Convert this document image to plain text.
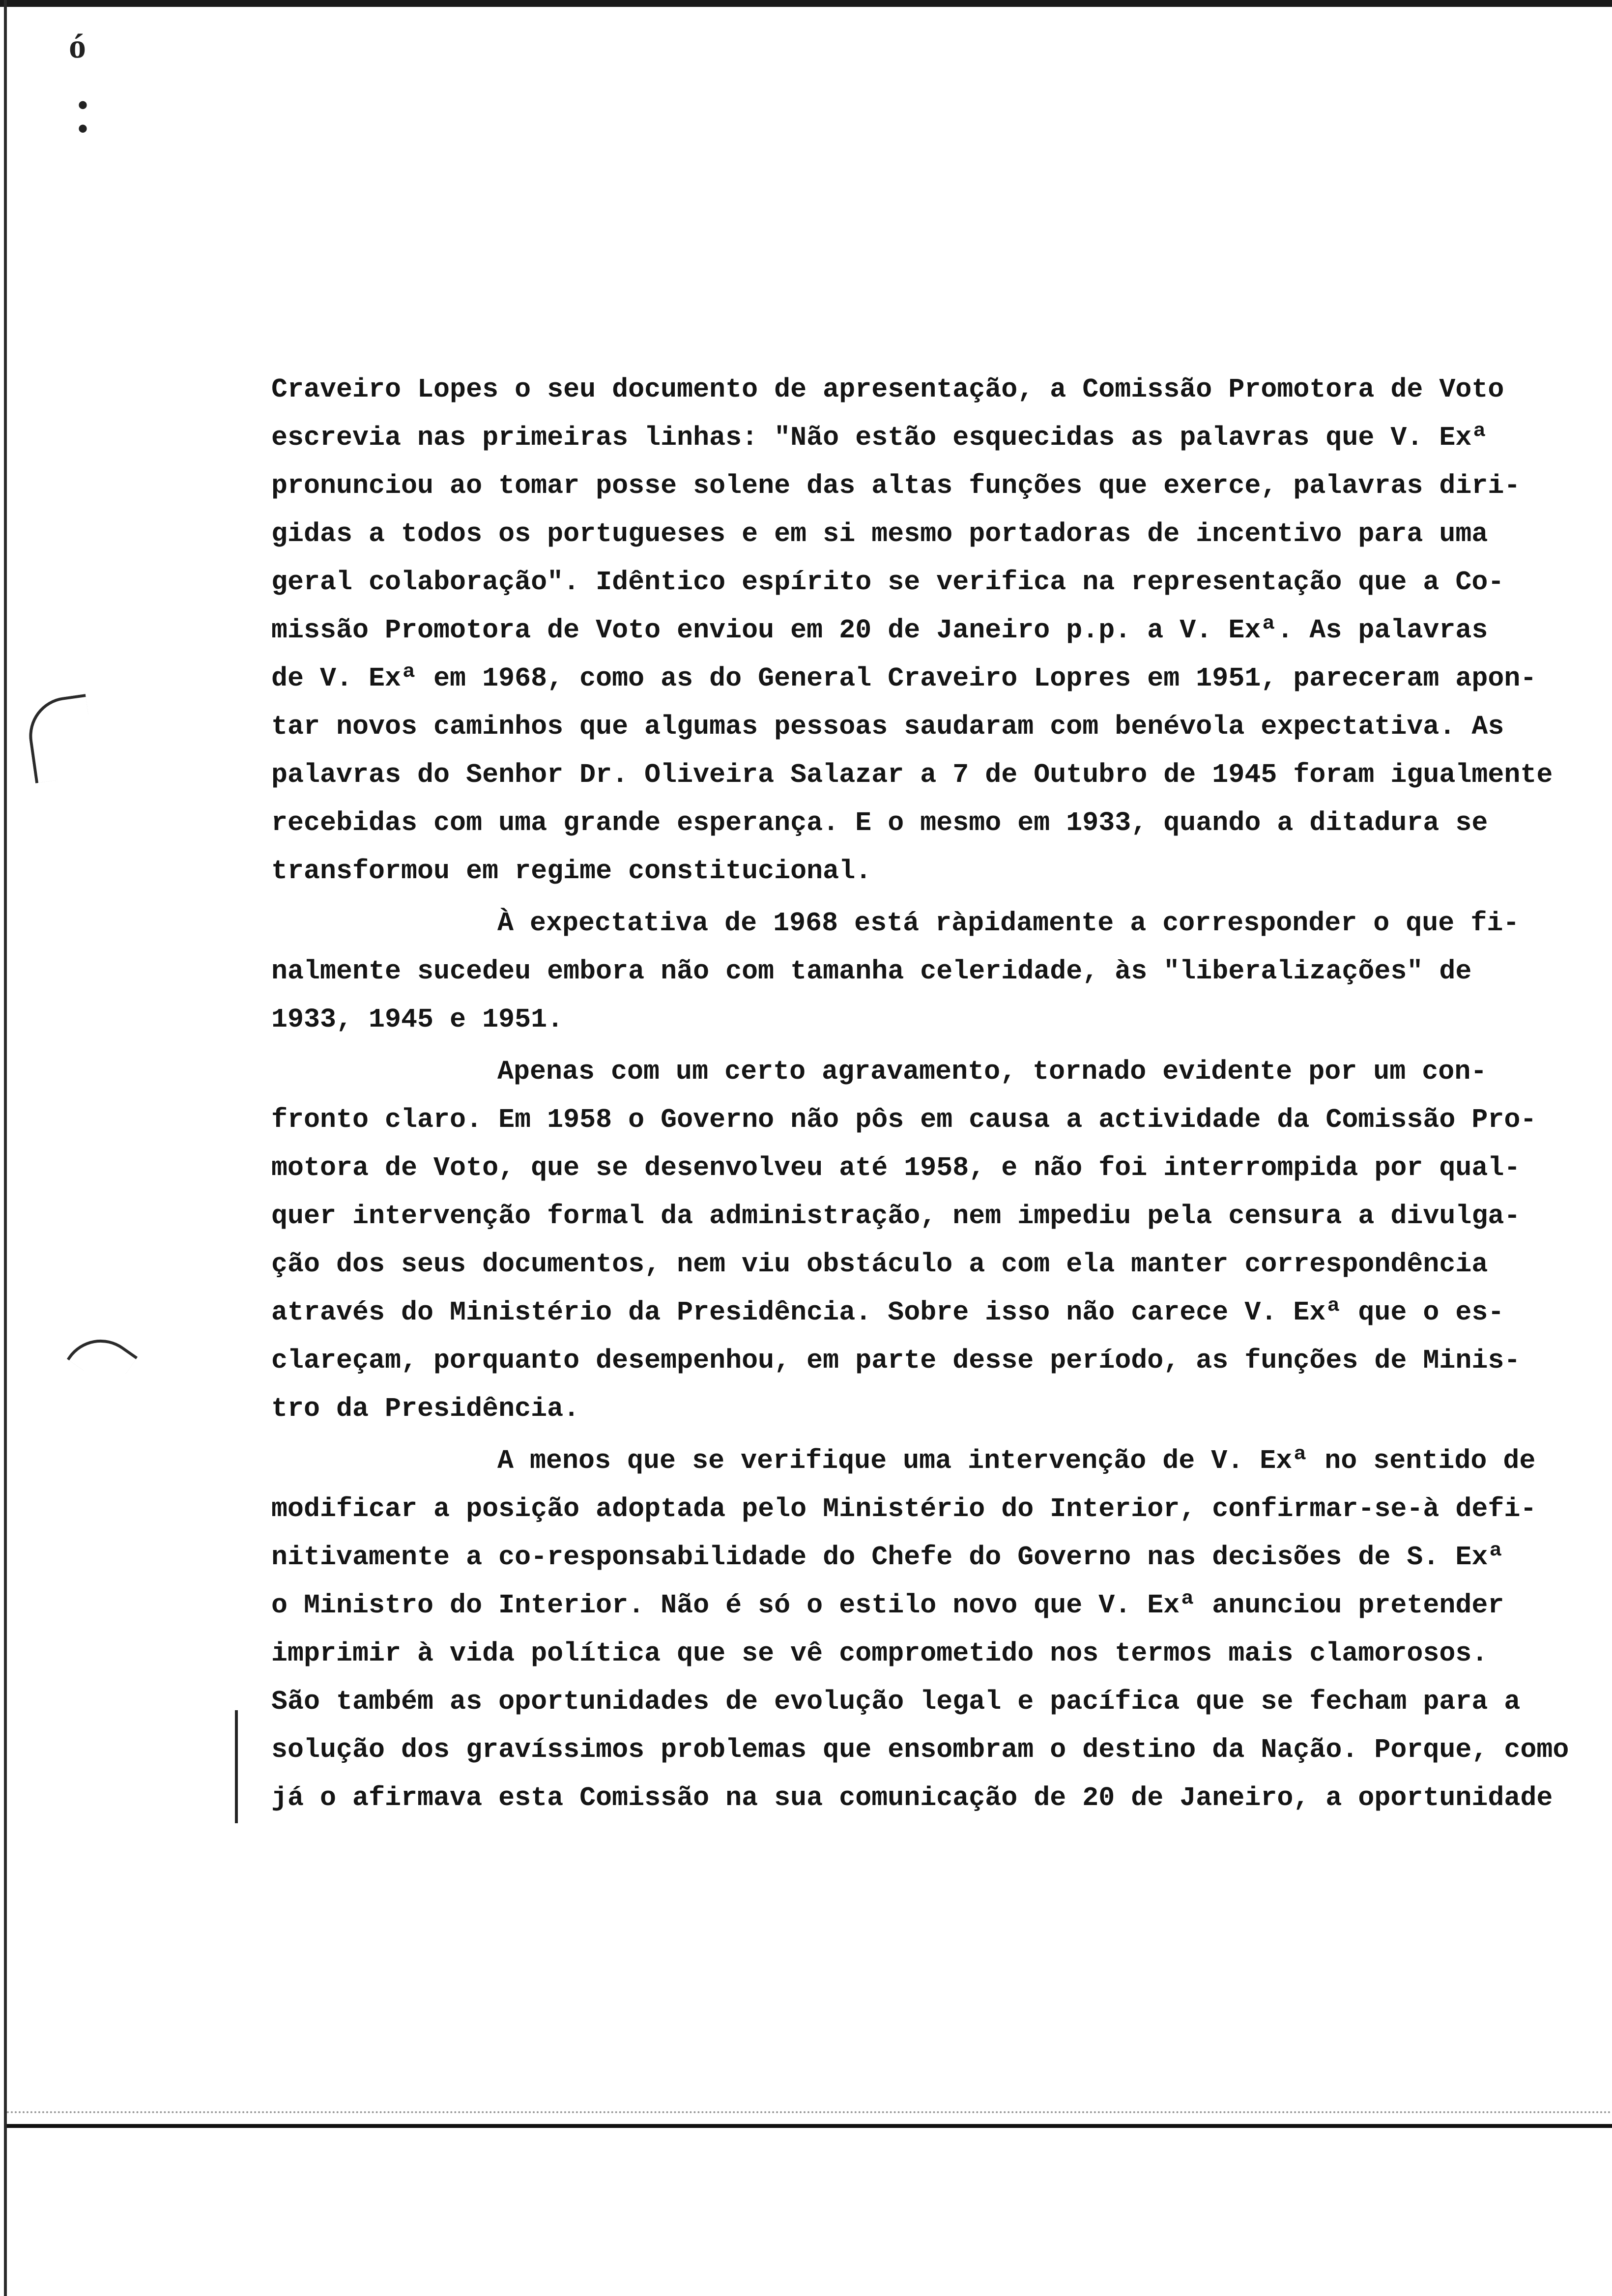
ó
•
•
Craveiro Lopes o seu documento de apresentação, a Comissão Promotora de Voto
escrevia nas primeiras linhas: "Não estão esquecidas as palavras que V. Exª
pronunciou ao tomar posse solene das altas funções que exerce, palavras diri-
gidas a todos os portugueses e em si mesmo portadoras de incentivo para uma
geral colaboração". Idêntico espírito se verifica na representação que a Co-
missão Promotora de Voto enviou em 20 de Janeiro p.p. a V. Exª. As palavras
de V. Exª em 1968, como as do General Craveiro Lopres em 1951, pareceram apon-
tar novos caminhos que algumas pessoas saudaram com benévola expectativa. As
palavras do Senhor Dr. Oliveira Salazar a 7 de Outubro de 1945 foram igualmente
recebidas com uma grande esperança. E o mesmo em 1933, quando a ditadura se
transformou em regime constitucional.
À expectativa de 1968 está ràpidamente a corresponder o que fi-
nalmente sucedeu embora não com tamanha celeridade, às "liberalizações" de
1933, 1945 e 1951.
Apenas com um certo agravamento, tornado evidente por um con-
fronto claro. Em 1958 o Governo não pôs em causa a actividade da Comissão Pro-
motora de Voto, que se desenvolveu até 1958, e não foi interrompida por qual-
quer intervenção formal da administração, nem impediu pela censura a divulga-
ção dos seus documentos, nem viu obstáculo a com ela manter correspondência
através do Ministério da Presidência. Sobre isso não carece V. Exª que o es-
clareçam, porquanto desempenhou, em parte desse período, as funções de Minis-
tro da Presidência.
A menos que se verifique uma intervenção de V. Exª no sentido de
modificar a posição adoptada pelo Ministério do Interior, confirmar-se-à defi-
nitivamente a co-responsabilidade do Chefe do Governo nas decisões de S. Exª
o Ministro do Interior. Não é só o estilo novo que V. Exª anunciou pretender
imprimir à vida política que se vê comprometido nos termos mais clamorosos.
São também as oportunidades de evolução legal e pacífica que se fecham para a
solução dos gravíssimos problemas que ensombram o destino da Nação. Porque, como
já o afirmava esta Comissão na sua comunicação de 20 de Janeiro, a oportunidade
